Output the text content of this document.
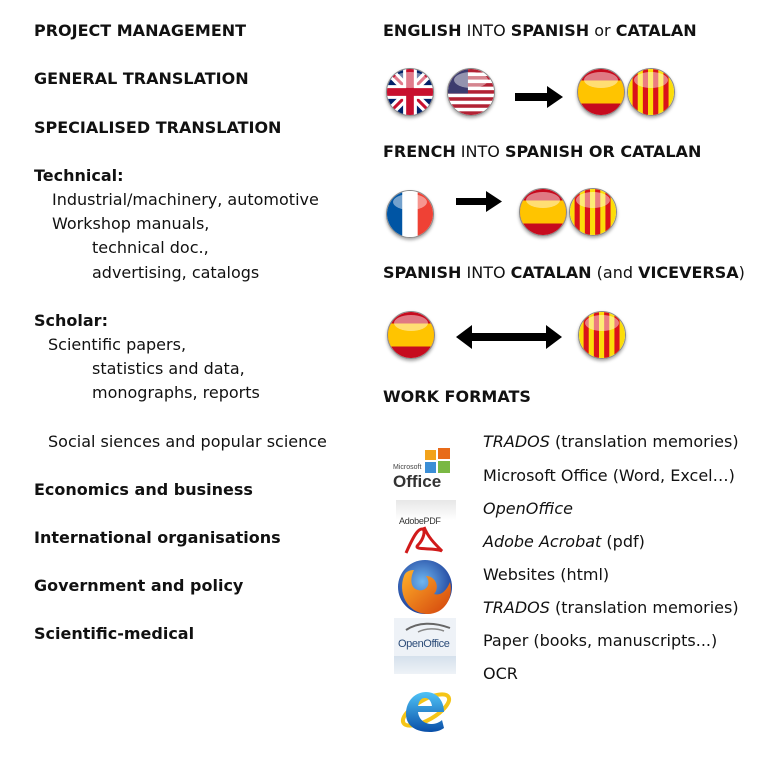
PROJECT MANAGEMENT
GENERAL TRANSLATION
SPECIALISED TRANSLATION
Technical:
Industrial/machinery, automotive
Workshop manuals,
technical doc.,
advertising, catalogs
Scholar:
Scientific papers,
statistics and data,
monographs, reports
Social siences and popular science
Economics and business
International organisations
Government and policy
Scientific-medical
ENGLISH INTO SPANISH or CATALAN
FRENCH INTO SPANISH OR CATALAN
SPANISH INTO CATALAN (and VICEVERSA)
WORK FORMATS
Microsoft
Office
AdobePDF
OpenOffice
TRADOS (translation memories)
Microsoft Office (Word, Excel…)
OpenOffice
Adobe Acrobat (pdf)
Websites (html)
TRADOS (translation memories)
Paper (books, manuscripts...)
OCR
